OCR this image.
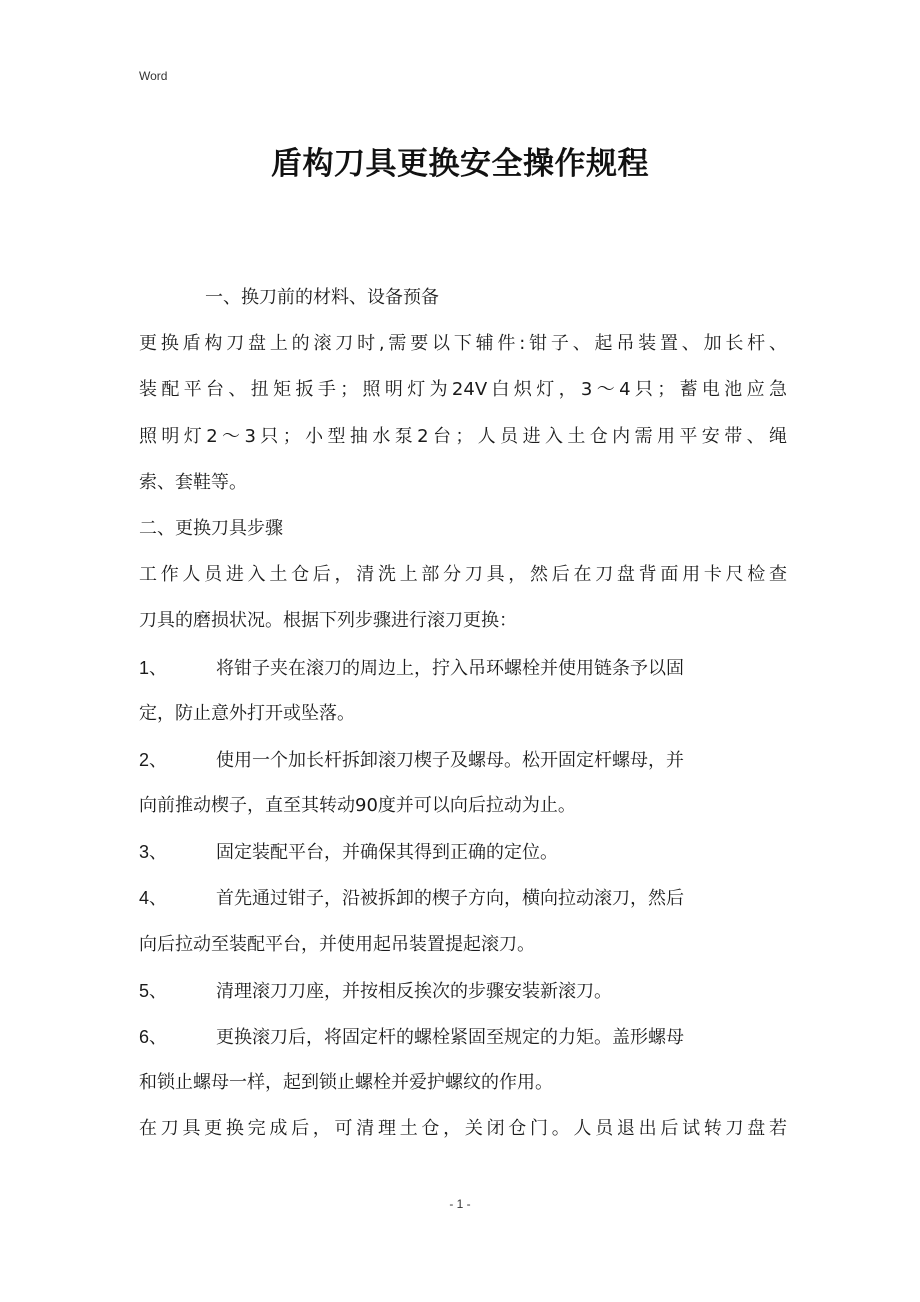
Word
盾构刀具更换安全操作规程
一、换刀前的材料、设备预备
更换盾构刀盘上的滚刀时,需要以下辅件:钳子、起吊装置、加长杆、
装配平台、扭矩扳手；照明灯为24V白炽灯，3～4只；蓄电池应急
照明灯2～3只；小型抽水泵2台；人员进入土仓内需用平安带、绳
索、套鞋等。
二、更换刀具步骤
工作人员进入土仓后，清洗上部分刀具，然后在刀盘背面用卡尺检查
刀具的磨损状况。根据下列步骤进行滚刀更换：
1、	将钳子夹在滚刀的周边上，拧入吊环螺栓并使用链条予以固
定，防止意外打开或坠落。
2、	使用一个加长杆拆卸滚刀楔子及螺母。松开固定杆螺母，并
向前推动楔子，直至其转动90度并可以向后拉动为止。
3、	固定装配平台，并确保其得到正确的定位。
4、	首先通过钳子，沿被拆卸的楔子方向，横向拉动滚刀，然后
向后拉动至装配平台，并使用起吊装置提起滚刀。
5、	清理滚刀刀座，并按相反挨次的步骤安装新滚刀。
6、	更换滚刀后，将固定杆的螺栓紧固至规定的力矩。盖形螺母
和锁止螺母一样，起到锁止螺栓并爱护螺纹的作用。
在刀具更换完成后，可清理土仓，关闭仓门。人员退出后试转刀盘若
- 1 -
